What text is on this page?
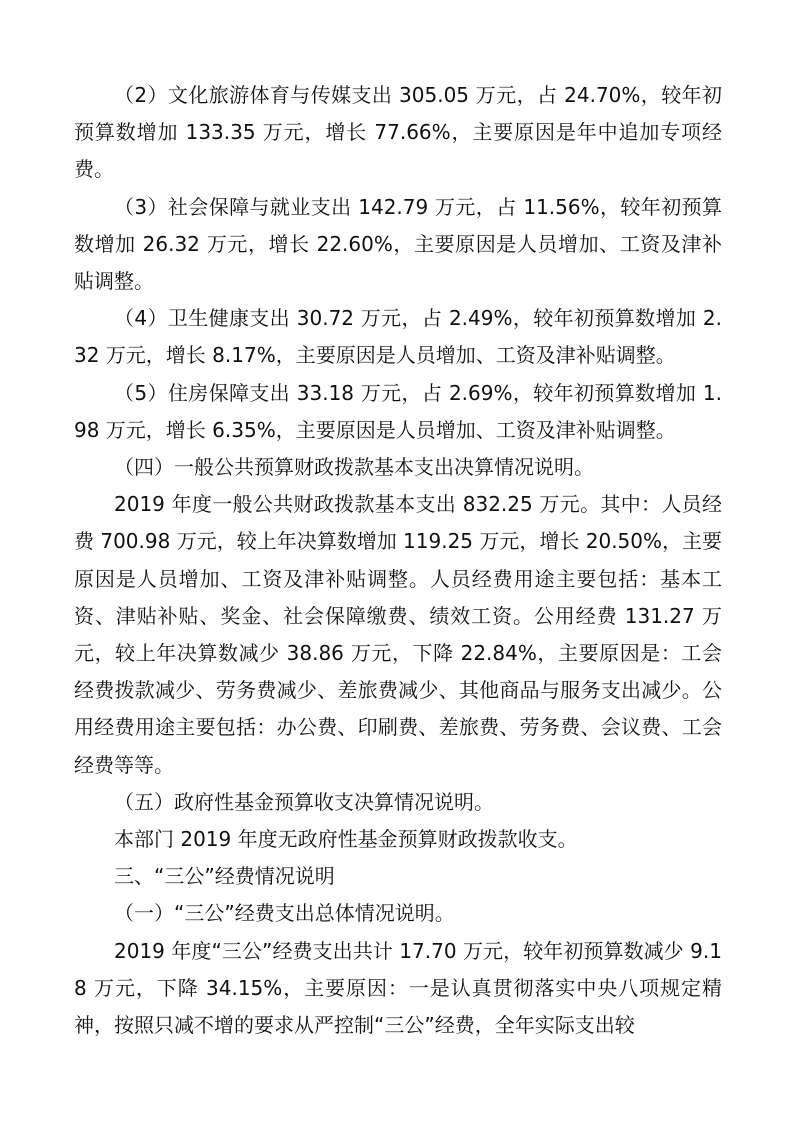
（2）文化旅游体育与传媒支出 305.05 万元，占 24.70%，较年初预算数增加 133.35 万元，增长 77.66%，主要原因是年中追加专项经费。

（3）社会保障与就业支出 142.79 万元，占 11.56%，较年初预算数增加 26.32 万元，增长 22.60%，主要原因是人员增加、工资及津补贴调整。

（4）卫生健康支出 30.72 万元，占 2.49%，较年初预算数增加 2.32 万元，增长 8.17%，主要原因是人员增加、工资及津补贴调整。

（5）住房保障支出 33.18 万元，占 2.69%，较年初预算数增加 1.98 万元，增长 6.35%，主要原因是人员增加、工资及津补贴调整。

（四）一般公共预算财政拨款基本支出决算情况说明。

2019 年度一般公共财政拨款基本支出 832.25 万元。其中：人员经费 700.98 万元，较上年决算数增加 119.25 万元，增长 20.50%，主要原因是人员增加、工资及津补贴调整。人员经费用途主要包括：基本工资、津贴补贴、奖金、社会保障缴费、绩效工资。公用经费 131.27 万元，较上年决算数减少 38.86 万元，下降 22.84%，主要原因是：工会经费拨款减少、劳务费减少、差旅费减少、其他商品与服务支出减少。公用经费用途主要包括：办公费、印刷费、差旅费、劳务费、会议费、工会经费等等。

（五）政府性基金预算收支决算情况说明。

本部门 2019 年度无政府性基金预算财政拨款收支。

三、“三公”经费情况说明

（一）“三公”经费支出总体情况说明。

2019 年度“三公”经费支出共计 17.70 万元，较年初预算数减少 9.18 万元，下降 34.15%，主要原因：一是认真贯彻落实中央八项规定精神，按照只减不增的要求从严控制“三公”经费，全年实际支出较
